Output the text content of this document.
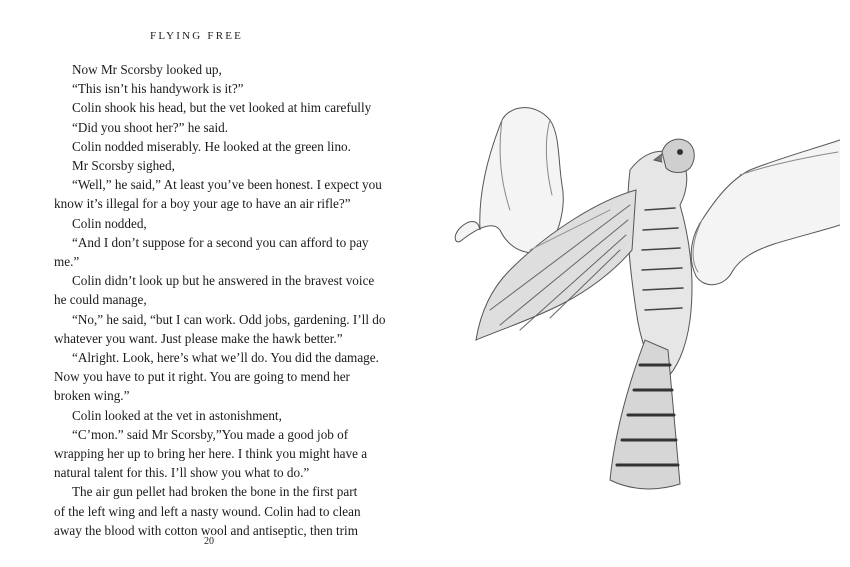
FLYING FREE

Now Mr Scorsby looked up,

“This isn’t his handywork is it?”

Colin shook his head, but the vet looked at him carefully

“Did you shoot her?” he said.

Colin nodded miserably. He looked at the green lino.

Mr Scorsby sighed,

“Well,” he said,” At least you’ve been honest. I expect you
know it’s illegal for a boy your age to have an air rifle?”

Colin nodded,

“And I don’t suppose for a second you can afford to pay
me.”

Colin didn’t look up but he answered in the bravest voice
he could manage,

“No,” he said, “but I can work. Odd jobs, gardening. I’ll do
whatever you want. Just please make the hawk better.”

“Alright. Look, here’s what we’ll do. You did the damage.
Now you have to put it right. You are going to mend her
broken wing.”

Colin looked at the vet in astonishment,

“C’mon.” said Mr Scorsby,”You made a good job of
wrapping her up to bring her here. I think you might have a
natural talent for this. I’ll show you what to do.”

The air gun pellet had broken the bone in the first part
of the left wing and left a nasty wound. Colin had to clean
away the blood with cotton wool and antiseptic, then trim

20
